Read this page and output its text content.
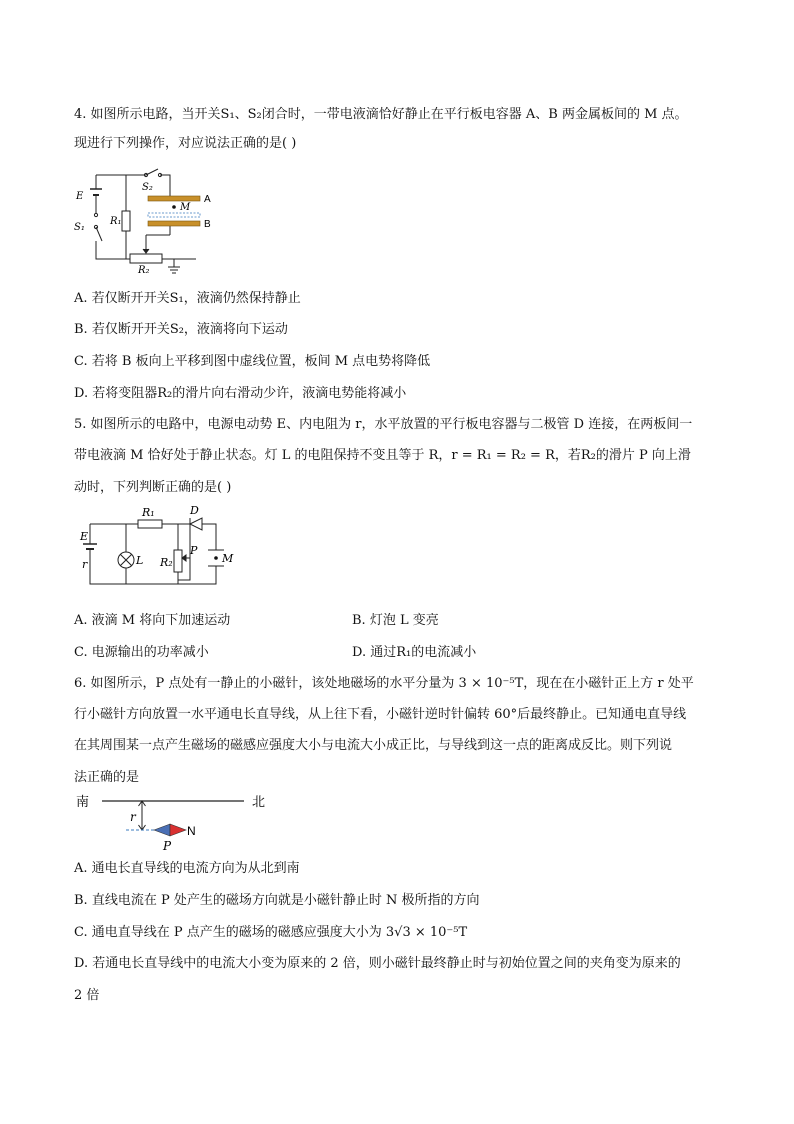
4. 如图所示电路，当开关S₁、S₂闭合时，一带电液滴恰好静止在平行板电容器 A、B 两金属板间的 M 点。
现进行下列操作，对应说法正确的是( )
E
S₁
S₂
R₁
R₂
M
A
B
A. 若仅断开开关S₁，液滴仍然保持静止
B. 若仅断开开关S₂，液滴将向下运动
C. 若将 B 板向上平移到图中虚线位置，板间 M 点电势将降低
D. 若将变阻器R₂的滑片向右滑动少许，液滴电势能将减小
5. 如图所示的电路中，电源电动势 E、内电阻为 r，水平放置的平行板电容器与二极管 D 连接，在两板间一
带电液滴 M 恰好处于静止状态。灯 L 的电阻保持不变且等于 R，r = R₁ = R₂ = R，若R₂的滑片 P 向上滑
动时，下列判断正确的是( )
R₁	D
E
r	L R₂
P
M
A. 液滴 M 将向下加速运动	B. 灯泡 L 变亮
C. 电源输出的功率减小	D. 通过R₁的电流减小
6. 如图所示，P 点处有一静止的小磁针，该处地磁场的水平分量为 3 × 10⁻⁵T，现在在小磁针正上方 r 处平
行小磁针方向放置一水平通电长直导线，从上往下看，小磁针逆时针偏转 60°后最终静止。已知通电直导线
在其周围某一点产生磁场的磁感应强度大小与电流大小成正比，与导线到这一点的距离成反比。则下列说
法正确的是
南	北
r
N
P
A. 通电长直导线的电流方向为从北到南
B. 直线电流在 P 处产生的磁场方向就是小磁针静止时 N 极所指的方向
C. 通电直导线在 P 点产生的磁场的磁感应强度大小为 3√3 × 10⁻⁵T
D. 若通电长直导线中的电流大小变为原来的 2 倍，则小磁针最终静止时与初始位置之间的夹角变为原来的
2 倍
